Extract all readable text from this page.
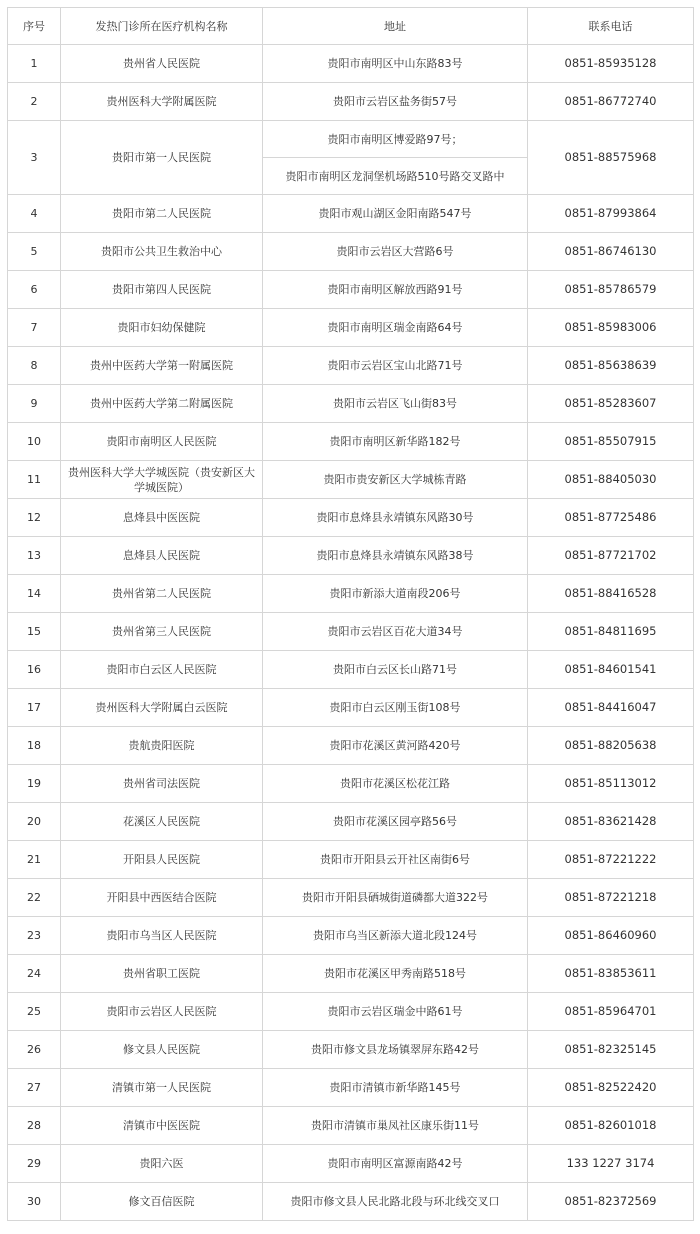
序号	发热门诊所在医疗机构名称	地址	联系电话
1	贵州省人民医院	贵阳市南明区中山东路83号	0851-85935128
2	贵州医科大学附属医院	贵阳市云岩区盐务街57号	0851-86772740
3	贵阳市第一人民医院	贵阳市南明区博爱路97号；	0851-88575968
		贵阳市南明区龙洞堡机场路510号路交叉路中	
4	贵阳市第二人民医院	贵阳市观山湖区金阳南路547号	0851-87993864
5	贵阳市公共卫生救治中心	贵阳市云岩区大营路6号	0851-86746130
6	贵阳市第四人民医院	贵阳市南明区解放西路91号	0851-85786579
7	贵阳市妇幼保健院	贵阳市南明区瑞金南路64号	0851-85983006
8	贵州中医药大学第一附属医院	贵阳市云岩区宝山北路71号	0851-85638639
9	贵州中医药大学第二附属医院	贵阳市云岩区飞山街83号	0851-85283607
10	贵阳市南明区人民医院	贵阳市南明区新华路182号	0851-85507915
11	贵州医科大学大学城医院（贵安新区大学城医院）	贵阳市贵安新区大学城栋青路	0851-88405030
12	息烽县中医医院	贵阳市息烽县永靖镇东风路30号	0851-87725486
13	息烽县人民医院	贵阳市息烽县永靖镇东风路38号	0851-87721702
14	贵州省第二人民医院	贵阳市新添大道南段206号	0851-88416528
15	贵州省第三人民医院	贵阳市云岩区百花大道34号	0851-84811695
16	贵阳市白云区人民医院	贵阳市白云区长山路71号	0851-84601541
17	贵州医科大学附属白云医院	贵阳市白云区刚玉街108号	0851-84416047
18	贵航贵阳医院	贵阳市花溪区黄河路420号	0851-88205638
19	贵州省司法医院	贵阳市花溪区松花江路	0851-85113012
20	花溪区人民医院	贵阳市花溪区园亭路56号	0851-83621428
21	开阳县人民医院	贵阳市开阳县云开社区南街6号	0851-87221222
22	开阳县中西医结合医院	贵阳市开阳县硒城街道磷都大道322号	0851-87221218
23	贵阳市乌当区人民医院	贵阳市乌当区新添大道北段124号	0851-86460960
24	贵州省职工医院	贵阳市花溪区甲秀南路518号	0851-83853611
25	贵阳市云岩区人民医院	贵阳市云岩区瑞金中路61号	0851-85964701
26	修文县人民医院	贵阳市修文县龙场镇翠屏东路42号	0851-82325145
27	清镇市第一人民医院	贵阳市清镇市新华路145号	0851-82522420
28	清镇市中医医院	贵阳市清镇市巢凤社区康乐街11号	0851-82601018
29	贵阳六医	贵阳市南明区富源南路42号	133 1227 3174
30	修文百信医院	贵阳市修文县人民北路北段与环北线交叉口	0851-82372569
